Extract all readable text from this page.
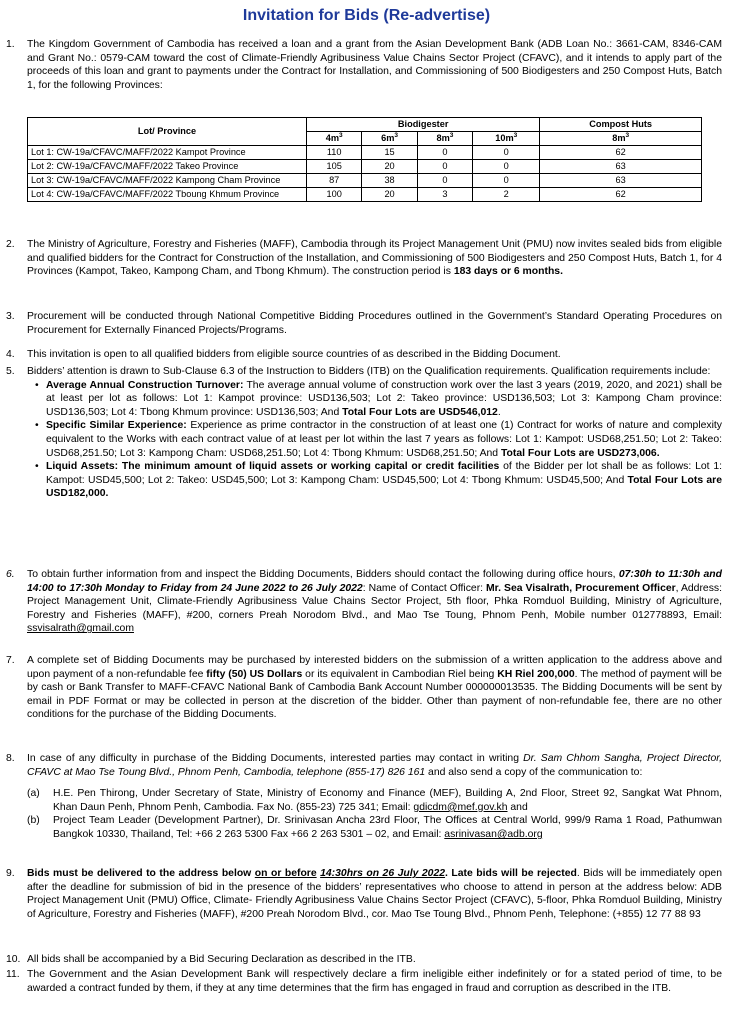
Invitation for Bids (Re-advertise)
1.	The Kingdom Government of Cambodia has received a loan and a grant from the Asian Development Bank (ADB Loan No.: 3661-CAM, 8346-CAM and Grant No.: 0579-CAM toward the cost of Climate-Friendly Agribusiness Value Chains Sector Project (CFAVC), and it intends to apply part of the proceeds of this loan and grant to payments under the Contract for Installation, and Commissioning of 500 Biodigesters and 250 Compost Huts, Batch 1, for the following Provinces:
Lot/ Province	Biodigester				Compost Huts
	$4m^3$	$6m^3$	$8m^3$	$10m^3$	$8m^3$
Lot 1: CW-19a/CFAVC/MAFF/2022 Kampot Province	110	15	0	0	62
Lot 2: CW-19a/CFAVC/MAFF/2022 Takeo Province	105	20	0	0	63
Lot 3: CW-19a/CFAVC/MAFF/2022 Kampong Cham Province	87	38	0	0	63
Lot 4: CW-19a/CFAVC/MAFF/2022 Tboung Khmum Province	100	20	3	2	62
2.	The Ministry of Agriculture, Forestry and Fisheries (MAFF), Cambodia through its Project Management Unit (PMU) now invites sealed bids from eligible and qualified bidders for the Contract for Construction of the Installation, and Commissioning of 500 Biodigesters and 250 Compost Huts, Batch 1, for 4 Provinces (Kampot, Takeo, Kampong Cham, and Tbong Khmum). The construction period is 183 days or 6 months.
3.	Procurement will be conducted through National Competitive Bidding Procedures outlined in the Government’s Standard Operating Procedures on Procurement for Externally Financed Projects/Programs.
4.	This invitation is open to all qualified bidders from eligible source countries of as described in the Bidding Document.
5.	Bidders’ attention is drawn to Sub-Clause 6.3 of the Instruction to Bidders (ITB) on the Qualification requirements. Qualification requirements include:
• Average Annual Construction Turnover: The average annual volume of construction work over the last 3 years (2019, 2020, and 2021) shall be at least per lot as follows: Lot 1: Kampot province: USD136,503; Lot 2: Takeo province: USD136,503; Lot 3: Kampong Cham province: USD136,503; Lot 4: Tbong Khmum province: USD136,503; And Total Four Lots are USD546,012.
• Specific Similar Experience: Experience as prime contractor in the construction of at least one (1) Contract for works of nature and complexity equivalent to the Works with each contract value of at least per lot within the last 7 years as follows: Lot 1: Kampot: USD68,251.50; Lot 2: Takeo: USD68,251.50; Lot 3: Kampong Cham: USD68,251.50; Lot 4: Tbong Khmum: USD68,251.50; And Total Four Lots are USD273,006.
• Liquid Assets: The minimum amount of liquid assets or working capital or credit facilities of the Bidder per lot shall be as follows: Lot 1: Kampot: USD45,500; Lot 2: Takeo: USD45,500; Lot 3: Kampong Cham: USD45,500; Lot 4: Tbong Khmum: USD45,500; And Total Four Lots are USD182,000.
6.	To obtain further information from and inspect the Bidding Documents, Bidders should contact the following during office hours, 07:30h to 11:30h and 14:00 to 17:30h Monday to Friday from 24 June 2022 to 26 July 2022: Name of Contact Officer: Mr. Sea Visalrath, Procurement Officer, Address: Project Management Unit, Climate-Friendly Agribusiness Value Chains Sector Project, 5th floor, Phka Romduol Building, Ministry of Agriculture, Forestry and Fisheries (MAFF), #200, corners Preah Norodom Blvd., and Mao Tse Toung, Phnom Penh, Mobile number 012778893, Email: ssvisalrath@gmail.com
7.	A complete set of Bidding Documents may be purchased by interested bidders on the submission of a written application to the address above and upon payment of a non-refundable fee fifty (50) US Dollars or its equivalent in Cambodian Riel being KH Riel 200,000. The method of payment will be by cash or Bank Transfer to MAFF-CFAVC National Bank of Cambodia Bank Account Number 000000013535. The Bidding Documents will be sent by email in PDF Format or may be collected in person at the discretion of the bidder. Other than payment of non-refundable fee, there are no other conditions for the purchase of the Bidding Documents.
8.	In case of any difficulty in purchase of the Bidding Documents, interested parties may contact in writing Dr. Sam Chhom Sangha, Project Director, CFAVC at Mao Tse Toung Blvd., Phnom Penh, Cambodia, telephone (855-17) 826 161 and also send a copy of the communication to:
(a) H.E. Pen Thirong, Under Secretary of State, Ministry of Economy and Finance (MEF), Building A, 2nd Floor, Street 92, Sangkat Wat Phnom, Khan Daun Penh, Phnom Penh, Cambodia. Fax No. (855-23) 725 341; Email: gdicdm@mef.gov.kh and
(b) Project Team Leader (Development Partner), Dr. Srinivasan Ancha 23rd Floor, The Offices at Central World, 999/9 Rama 1 Road, Pathumwan Bangkok 10330, Thailand, Tel: +66 2 263 5300 Fax +66 2 263 5301 – 02, and Email: asrinivasan@adb.org
9.	Bids must be delivered to the address below on or before 14:30hrs on 26 July 2022. Late bids will be rejected. Bids will be immediately open after the deadline for submission of bid in the presence of the bidders’ representatives who choose to attend in person at the address below: ADB Project Management Unit (PMU) Office, Climate- Friendly Agribusiness Value Chains Sector Project (CFAVC), 5-floor, Phka Romduol Building, Ministry of Agriculture, Forestry and Fisheries (MAFF), #200 Preah Norodom Blvd., cor. Mao Tse Toung Blvd., Phnom Penh, Telephone: (+855) 12 77 88 93
10. All bids shall be accompanied by a Bid Securing Declaration as described in the ITB.
11. The Government and the Asian Development Bank will respectively declare a firm ineligible either indefinitely or for a stated period of time, to be awarded a contract funded by them, if they at any time determines that the firm has engaged in fraud and corruption as described in the ITB.
